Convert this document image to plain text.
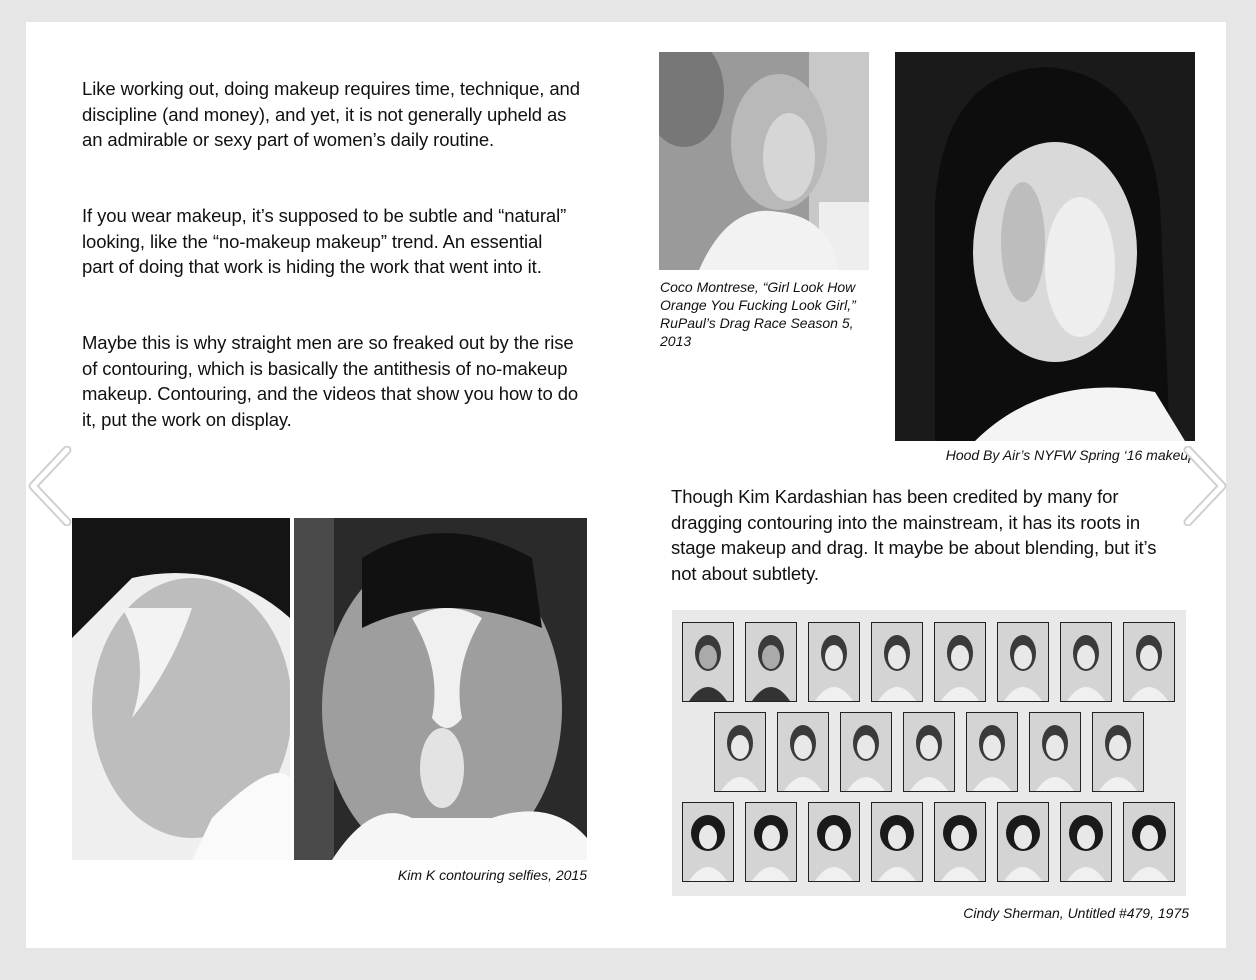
Like working out, doing makeup requires time, technique, and discipline (and money), and yet, it is not generally upheld as an admirable or sexy part of women’s daily routine.

If you wear makeup, it’s supposed to be subtle and “natural” looking, like the “no-makeup makeup” trend. An essential part of doing that work is hiding the work that went into it.

Maybe this is why straight men are so freaked out by the rise of contouring, which is basically the antithesis of no-makeup makeup. Contouring, and the videos that show you how to do it, put the work on display.

Coco Montrese, “Girl Look How Orange You Fucking Look Girl,” RuPaul’s Drag Race Season 5, 2013

Hood By Air’s NYFW Spring ‘16 makeup

Though Kim Kardashian has been credited by many for dragging contouring into the mainstream, it has its roots in stage makeup and drag. It maybe be about blending, but it’s not about subtlety.

Kim K contouring selfies, 2015

Cindy Sherman, Untitled #479, 1975
